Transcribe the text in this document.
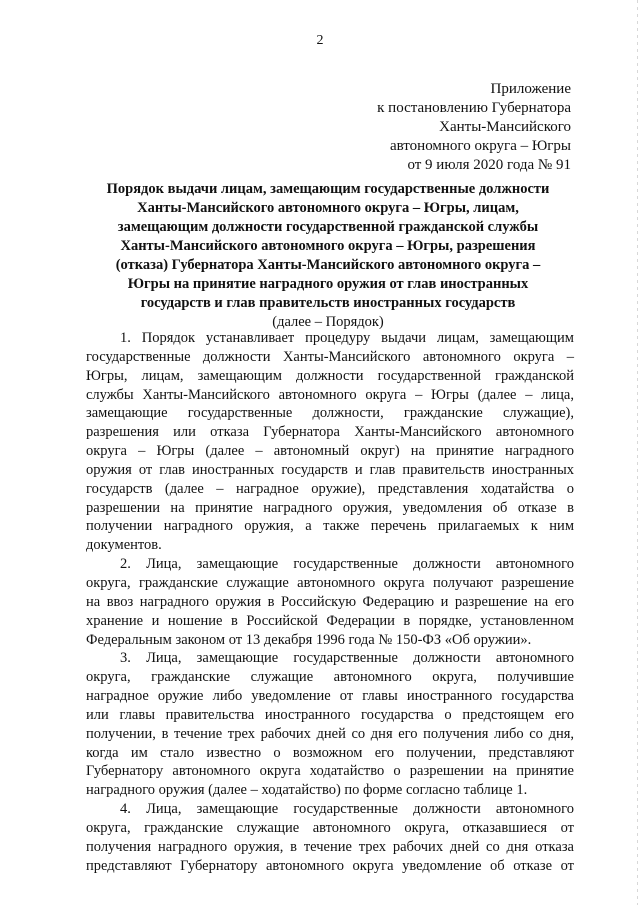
2

Приложение
к постановлению Губернатора
Ханты-Мансийского
автономного округа – Югры
от 9 июля 2020 года № 91
Порядок выдачи лицам, замещающим государственные должности
Ханты-Мансийского автономного округа – Югры, лицам,
замещающим должности государственной гражданской службы
Ханты-Мансийского автономного округа – Югры, разрешения
(отказа) Губернатора Ханты-Мансийского автономного округа –
Югры на принятие наградного оружия от глав иностранных
государств и глав правительств иностранных государств
(далее – Порядок)
1. Порядок устанавливает процедуру выдачи лицам, замещающим
государственные должности Ханты-Мансийского автономного округа –
Югры, лицам, замещающим должности государственной гражданской
службы Ханты-Мансийского автономного округа – Югры (далее – лица,
замещающие государственные должности, гражданские служащие),
разрешения или отказа Губернатора Ханты-Мансийского автономного
округа – Югры (далее – автономный округ) на принятие наградного
оружия от глав иностранных государств и глав правительств иностранных
государств (далее – наградное оружие), представления ходатайства о
разрешении на принятие наградного оружия, уведомления об отказе в
получении наградного оружия, а также перечень прилагаемых к ним
документов.
2. Лица, замещающие государственные должности автономного
округа, гражданские служащие автономного округа получают разрешение
на ввоз наградного оружия в Российскую Федерацию и разрешение на его
хранение и ношение в Российской Федерации в порядке, установленном
Федеральным законом от 13 декабря 1996 года № 150-ФЗ «Об оружии».
3. Лица, замещающие государственные должности автономного
округа, гражданские служащие автономного округа, получившие
наградное оружие либо уведомление от главы иностранного государства
или главы правительства иностранного государства о предстоящем его
получении, в течение трех рабочих дней со дня его получения либо со дня,
когда им стало известно о возможном его получении, представляют
Губернатору автономного округа ходатайство о разрешении на принятие
наградного оружия (далее – ходатайство) по форме согласно таблице 1.
4. Лица, замещающие государственные должности автономного
округа, гражданские служащие автономного округа, отказавшиеся от
получения наградного оружия, в течение трех рабочих дней со дня отказа
представляют Губернатору автономного округа уведомление об отказе от
